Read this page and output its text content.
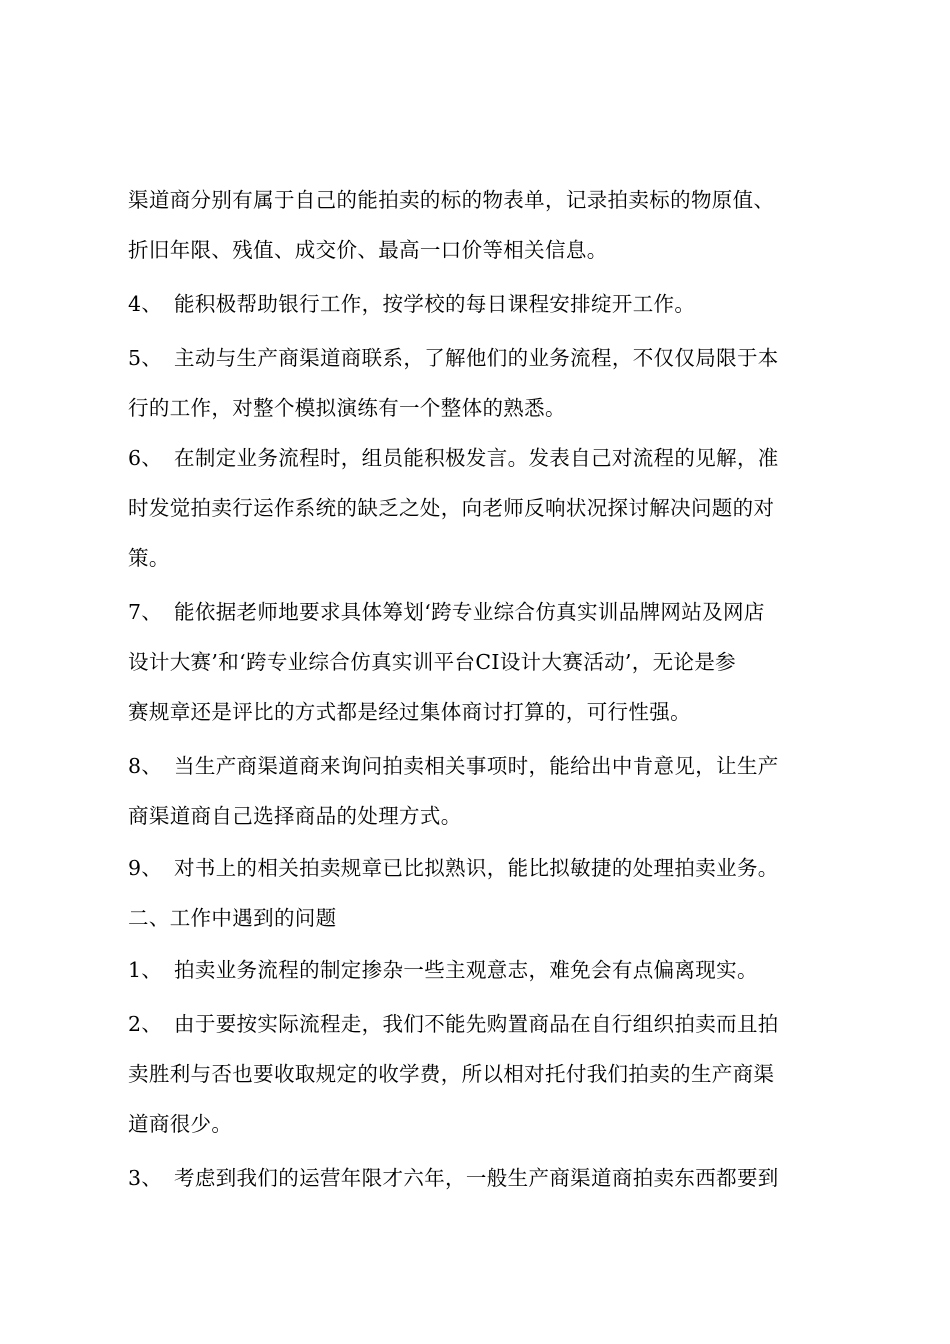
渠道商分别有属于自己的能拍卖的标的物表单，记录拍卖标的物原值、
折旧年限、残值、成交价、最高一口价等相关信息。
4、 能积极帮助银行工作，按学校的每日课程安排绽开工作。
5、 主动与生产商渠道商联系，了解他们的业务流程，不仅仅局限于本
行的工作，对整个模拟演练有一个整体的熟悉。
6、 在制定业务流程时，组员能积极发言。发表自己对流程的见解，准
时发觉拍卖行运作系统的缺乏之处，向老师反响状况探讨解决问题的对
策。
7、 能依据老师地要求具体筹划‘跨专业综合仿真实训品牌网站及网店
设计大赛’和‘跨专业综合仿真实训平台CI设计大赛活动’，无论是参
赛规章还是评比的方式都是经过集体商讨打算的，可行性强。
8、 当生产商渠道商来询问拍卖相关事项时，能给出中肯意见，让生产
商渠道商自己选择商品的处理方式。
9、 对书上的相关拍卖规章已比拟熟识，能比拟敏捷的处理拍卖业务。
二、工作中遇到的问题
1、 拍卖业务流程的制定掺杂一些主观意志，难免会有点偏离现实。
2、 由于要按实际流程走，我们不能先购置商品在自行组织拍卖而且拍
卖胜利与否也要收取规定的收学费，所以相对托付我们拍卖的生产商渠
道商很少。
3、 考虑到我们的运营年限才六年，一般生产商渠道商拍卖东西都要到
